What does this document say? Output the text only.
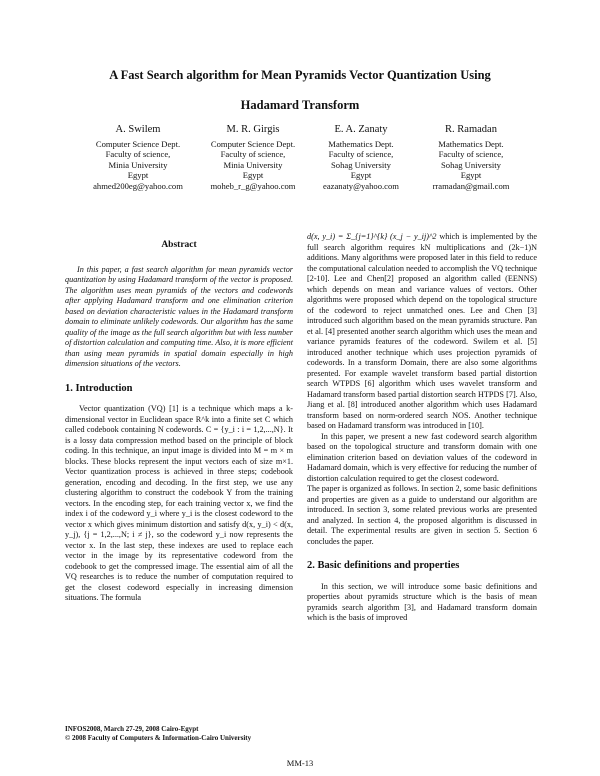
A Fast Search algorithm for Mean Pyramids Vector Quantization Using
Hadamard Transform
A. Swilem
Computer Science Dept.
Faculty of science,
Minia University
Egypt
ahmed200eg@yahoo.com
M. R. Girgis
Computer Science Dept.
Faculty of science,
Minia University
Egypt
moheb_r_g@yahoo.com
E. A. Zanaty
Mathematics Dept.
Faculty of science,
Sohag University
Egypt
eazanaty@yahoo.com
R. Ramadan
Mathematics Dept.
Faculty of science,
Sohag University
Egypt
rramadan@gmail.com
Abstract

In this paper, a fast search algorithm for mean pyramids vector quantization by using Hadamard transform of the vector is proposed. The algorithm uses mean pyramids of the vectors and codewords after applying Hadamard transform and one elimination criterion based on deviation characteristic values in the Hadamard transform domain to eliminate unlikely codewords. Our algorithm has the same quality of the image as the full search algorithm but with less number of distortion calculation and computing time. Also, it is more efficient than using mean pyramids in spatial domain especially in high dimension situations of the vectors.

1. Introduction

Vector quantization (VQ) [1] is a technique which maps a k-dimensional vector in Euclidean space R^k into a finite set C which called codebook containing N codewords. C = {y_i : i = 1,2,...,N}. It is a lossy data compression method based on the principle of block coding. In this technique, an input image is divided into M = m × m blocks. These blocks represent the input vectors each of size m×1. Vector quantization process is achieved in three steps; codebook generation, encoding and decoding. In the first step, we use any clustering algorithm to construct the codebook Y from the training vectors. In the encoding step, for each training vector x, we find the index i of the codeword y_i where y_i is the closest codeword to the vector x which gives minimum distortion and satisfy d(x, y_i) < d(x, y_j), {j = 1,2,...,N; i ≠ j}, so the codeword y_i now represents the vector x. In the last step, these indexes are used to replace each vector in the image by its representative codeword from the codebook to get the compressed image. The essential aim of all the VQ researches is to reduce the number of computation required to get the closest codeword especially in increasing dimension situations. The formula

d(x, y_i) = Σ_{j=1}^{k} (x_j − y_ij)^2 which is implemented by the full search algorithm requires kN multiplications and (2k−1)N additions. Many algorithms were proposed later in this field to reduce the computational calculation needed to accomplish the VQ technique [2-10]. Lee and Chen[2] proposed an algorithm called (EENNS) which depends on mean and variance values of vectors. Other algorithms were proposed which depend on the topological structure of the codeword to reject unmatched ones. Lee and Chen [3] introduced such algorithm based on the mean pyramids structure. Pan et al. [4] presented another search algorithm which uses the mean and variance pyramids features of the codeword. Swilem et al. [5] introduced another technique which uses projection pyramids of codewords. In a transform Domain, there are also some algorithms presented. For example wavelet transform based partial distortion search WTPDS [6] algorithm which uses wavelet transform and Hadamard transform based partial distortion search HTPDS [7]. Also, Jiang et al. [8] introduced another algorithm which uses Hadamard transform based on norm-ordered search NOS. Another technique based on Hadamard transform was introduced in [10].

In this paper, we present a new fast codeword search algorithm based on the topological structure and transform domain with one elimination criterion based on deviation values of the codeword in Hadamard domain, which is very effective for reducing the number of distortion calculation required to get the closest codeword.

The paper is organized as follows. In section 2, some basic definitions and properties are given as a guide to understand our algorithm are introduced. In section 3, some related previous works are presented and analyzed. In section 4, the proposed algorithm is discussed in detail. The experimental results are given in section 5. Section 6 concludes the paper.

2. Basic definitions and properties

In this section, we will introduce some basic definitions and properties about pyramids structure which is the basis of mean pyramids search algorithm [3], and Hadamard transform domain which is the basis of improved

INFOS2008, March 27-29, 2008 Cairo-Egypt
© 2008 Faculty of Computers & Information-Cairo University
MM-13
